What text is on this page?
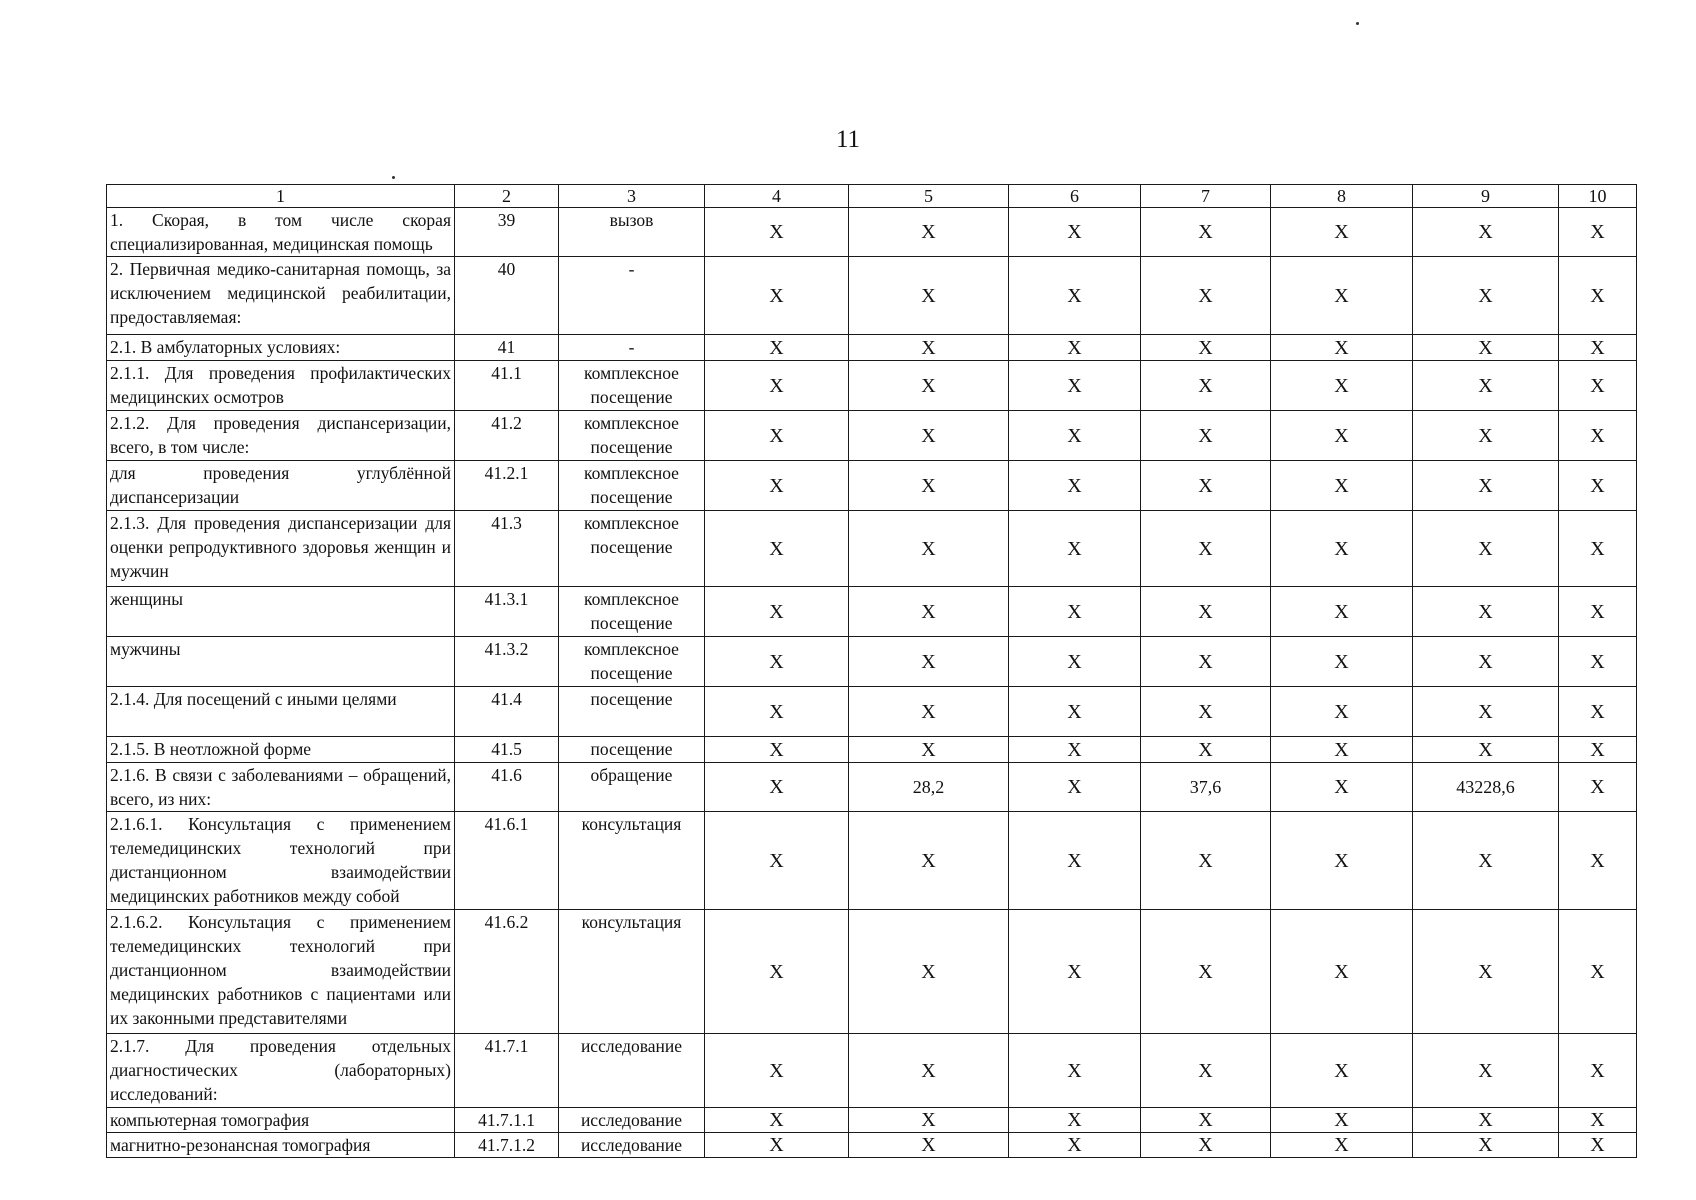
11
1	2	3	4	5	6	7	8	9	10
1. Скорая, в том числе скорая специализированная, медицинская помощь	39	вызов	Х	Х	Х	Х	Х	Х	Х
2. Первичная медико-санитарная помощь, за исключением медицинской реабилитации, предоставляемая:	40	-	Х	Х	Х	Х	Х	Х	Х
2.1. В амбулаторных условиях:	41	-	Х	Х	Х	Х	Х	Х	Х
2.1.1. Для проведения профилактических медицинских осмотров	41.1	комплексное посещение	Х	Х	Х	Х	Х	Х	Х
2.1.2. Для проведения диспансеризации, всего, в том числе:	41.2	комплексное посещение	Х	Х	Х	Х	Х	Х	Х
для проведения углублённой диспансеризации	41.2.1	комплексное посещение	Х	Х	Х	Х	Х	Х	Х
2.1.3. Для проведения диспансеризации для оценки репродуктивного здоровья женщин и мужчин	41.3	комплексное посещение	Х	Х	Х	Х	Х	Х	Х
женщины	41.3.1	комплексное посещение	Х	Х	Х	Х	Х	Х	Х
мужчины	41.3.2	комплексное посещение	Х	Х	Х	Х	Х	Х	Х
2.1.4. Для посещений с иными целями	41.4	посещение	Х	Х	Х	Х	Х	Х	Х
2.1.5. В неотложной форме	41.5	посещение	Х	Х	Х	Х	Х	Х	Х
2.1.6. В связи с заболеваниями – обращений, всего, из них:	41.6	обращение	Х	28,2	Х	37,6	Х	43228,6	Х
2.1.6.1. Консультация с применением телемедицинских технологий при дистанционном взаимодействии медицинских работников между собой	41.6.1	консультация	Х	Х	Х	Х	Х	Х	Х
2.1.6.2. Консультация с применением телемедицинских технологий при дистанционном взаимодействии медицинских работников с пациентами или их законными представителями	41.6.2	консультация	Х	Х	Х	Х	Х	Х	Х
2.1.7. Для проведения отдельных диагностических (лабораторных) исследований:	41.7.1	исследование	Х	Х	Х	Х	Х	Х	Х
компьютерная томография	41.7.1.1	исследование	Х	Х	Х	Х	Х	Х	Х
магнитно-резонансная томография	41.7.1.2	исследование	Х	Х	Х	Х	Х	Х	Х
